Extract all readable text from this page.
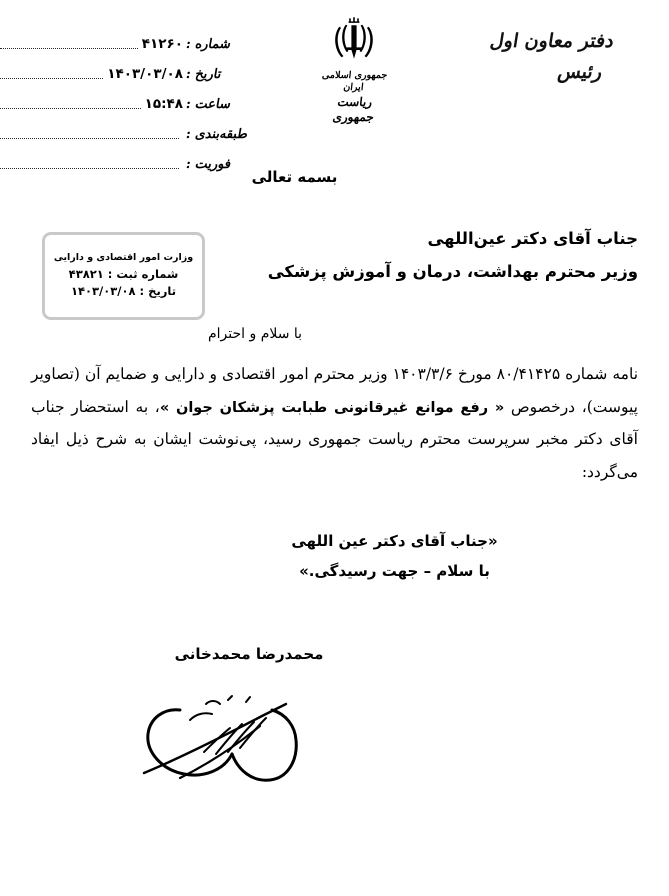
جمهوری اسلامی ایران
ریاست جمهوری
دفتر معاون اول
رئیس
شماره :
۴۱۲۶۰
تاریخ :
۱۴۰۳/۰۳/۰۸
ساعت :
۱۵:۴۸
طبقه‌بندی :
فوریت :
وزارت امور اقتصادی و دارایی
شماره ثبت : ۴۳۸۲۱
تاریخ : ۱۴۰۳/۰۳/۰۸
بسمه تعالی
جناب آقای دکتر عین‌اللهی
وزیر محترم بهداشت، درمان و آموزش پزشکی
با سلام و احترام
نامه شماره ۸۰/۴۱۴۲۵ مورخ ۱۴۰۳/۳/۶ وزیر محترم امور اقتصادی و دارایی و ضمایم آن (تصاویر پیوست)، درخصوص « رفع موانع غیرقانونی طبابت پزشکان جوان »، به استحضار جناب آقای دکتر مخبر سرپرست محترم ریاست جمهوری رسید، پی‌نوشت ایشان به شرح ذیل ایفاد می‌گردد:
«جناب آقای دکتر عین اللهی
با سلام – جهت رسیدگی.»
محمدرضا محمدخانی
